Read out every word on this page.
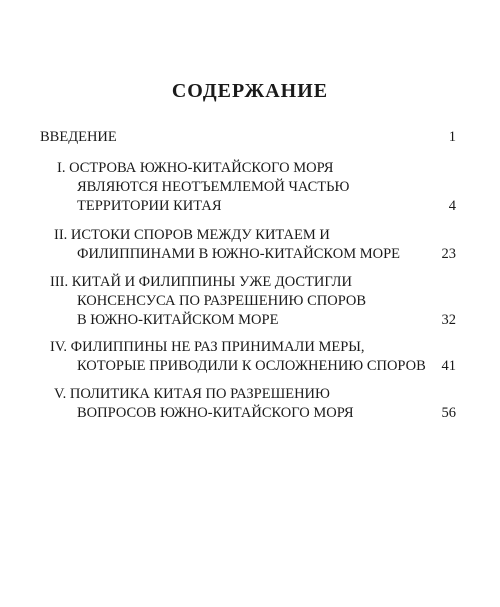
СОДЕРЖАНИЕ
ВВЕДЕНИЕ	1
I. ОСТРОВА ЮЖНО-КИТАЙСКОГО МОРЯ
ЯВЛЯЮТСЯ НЕОТЪЕМЛЕМОЙ ЧАСТЬЮ
ТЕРРИТОРИИ КИТАЯ	4
II. ИСТОКИ СПОРОВ МЕЖДУ КИТАЕМ И
ФИЛИППИНАМИ В ЮЖНО-КИТАЙСКОМ МОРЕ	23
III. КИТАЙ И ФИЛИППИНЫ УЖЕ ДОСТИГЛИ
КОНСЕНСУСА ПО РАЗРЕШЕНИЮ СПОРОВ
В ЮЖНО-КИТАЙСКОМ МОРЕ	32
IV. ФИЛИППИНЫ НЕ РАЗ ПРИНИМАЛИ МЕРЫ,
КОТОРЫЕ ПРИВОДИЛИ К ОСЛОЖНЕНИЮ СПОРОВ	41
V. ПОЛИТИКА КИТАЯ ПО РАЗРЕШЕНИЮ
ВОПРОСОВ ЮЖНО-КИТАЙСКОГО МОРЯ	56
